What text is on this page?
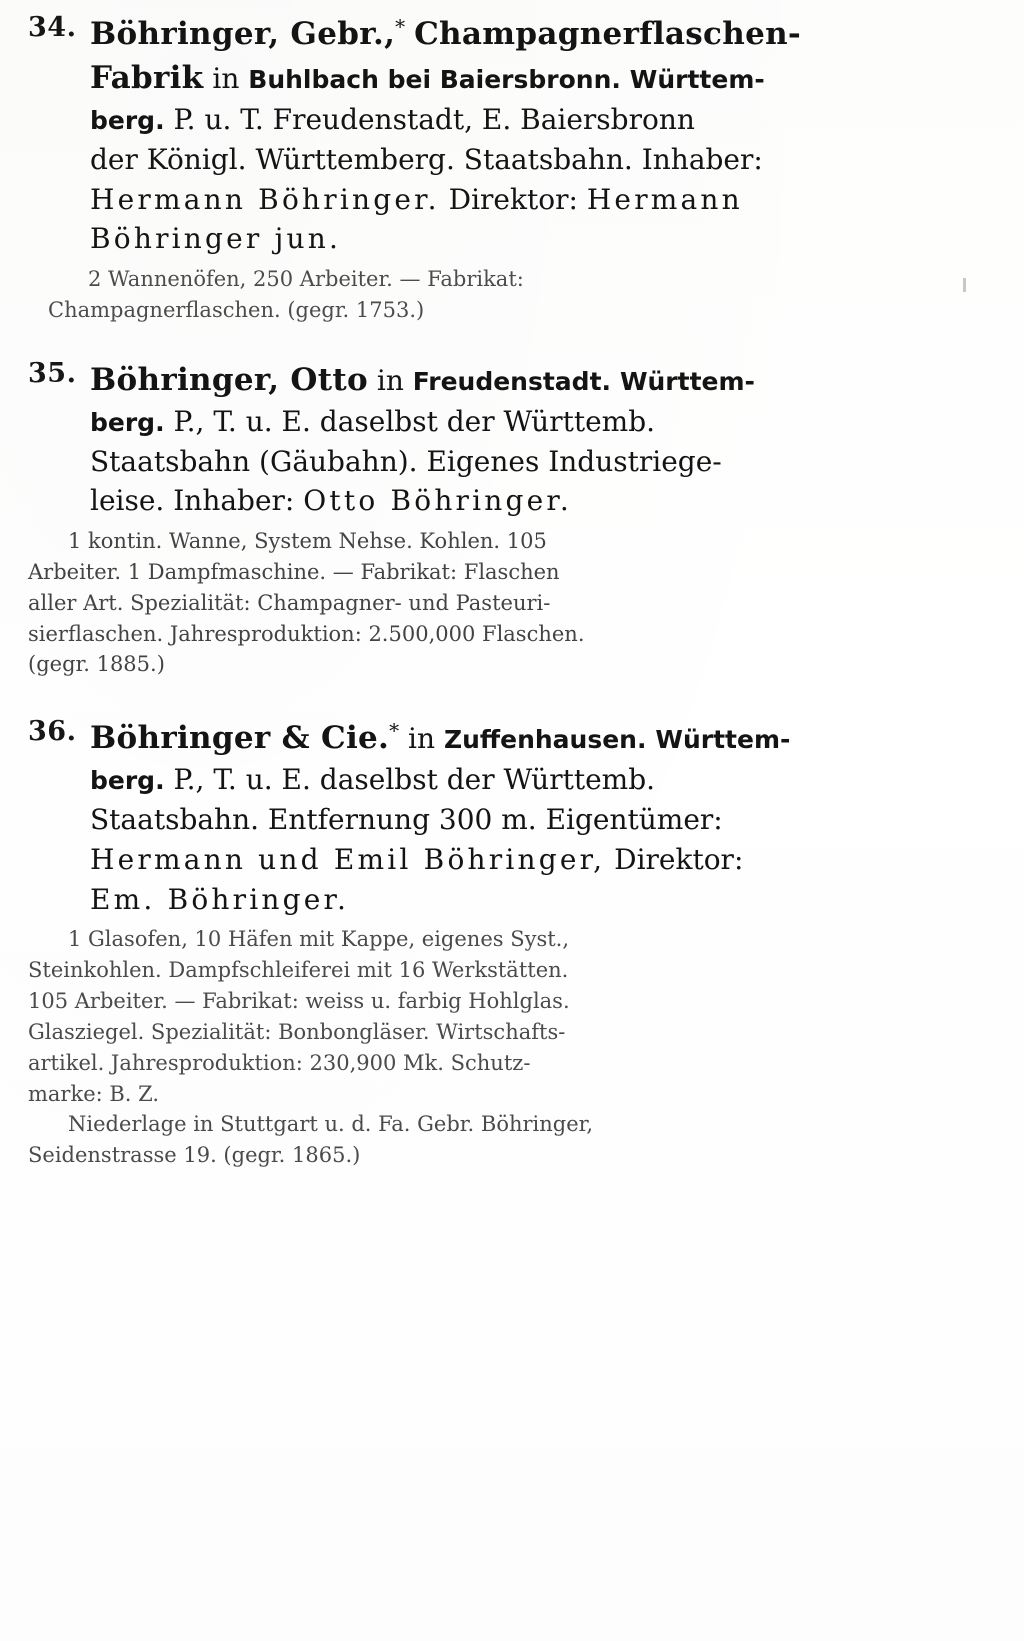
34. Böhringer, Gebr.,* Champagnerflaschen-
Fabrik in Buhlbach bei Baiersbronn. Württem-
berg. P. u. T. Freudenstadt, E. Baiersbronn
der Königl. Württemberg. Staatsbahn. Inhaber:
Hermann Böhringer. Direktor: Hermann
Böhringer jun.
2 Wannenöfen, 250 Arbeiter. — Fabrikat:
Champagnerflaschen. (gegr. 1753.)
35. Böhringer, Otto in Freudenstadt. Württem-
berg. P., T. u. E. daselbst der Württemb.
Staatsbahn (Gäubahn). Eigenes Industriege-
leise. Inhaber: Otto Böhringer.
1 kontin. Wanne, System Nehse. Kohlen. 105
Arbeiter. 1 Dampfmaschine. — Fabrikat: Flaschen
aller Art. Spezialität: Champagner- und Pasteuri-
sierflaschen. Jahresproduktion: 2.500,000 Flaschen.
(gegr. 1885.)
36. Böhringer & Cie.* in Zuffenhausen. Württem-
berg. P., T. u. E. daselbst der Württemb.
Staatsbahn. Entfernung 300 m. Eigentümer:
Hermann und Emil Böhringer, Direktor:
Em. Böhringer.
1 Glasofen, 10 Häfen mit Kappe, eigenes Syst.,
Steinkohlen. Dampfschleiferei mit 16 Werkstätten.
105 Arbeiter. — Fabrikat: weiss u. farbig Hohlglas.
Glasziegel. Spezialität: Bonbongläser. Wirtschafts-
artikel. Jahresproduktion: 230,900 Mk. Schutz-
marke: B. Z.
Niederlage in Stuttgart u. d. Fa. Gebr. Böhringer,
Seidenstrasse 19. (gegr. 1865.)
